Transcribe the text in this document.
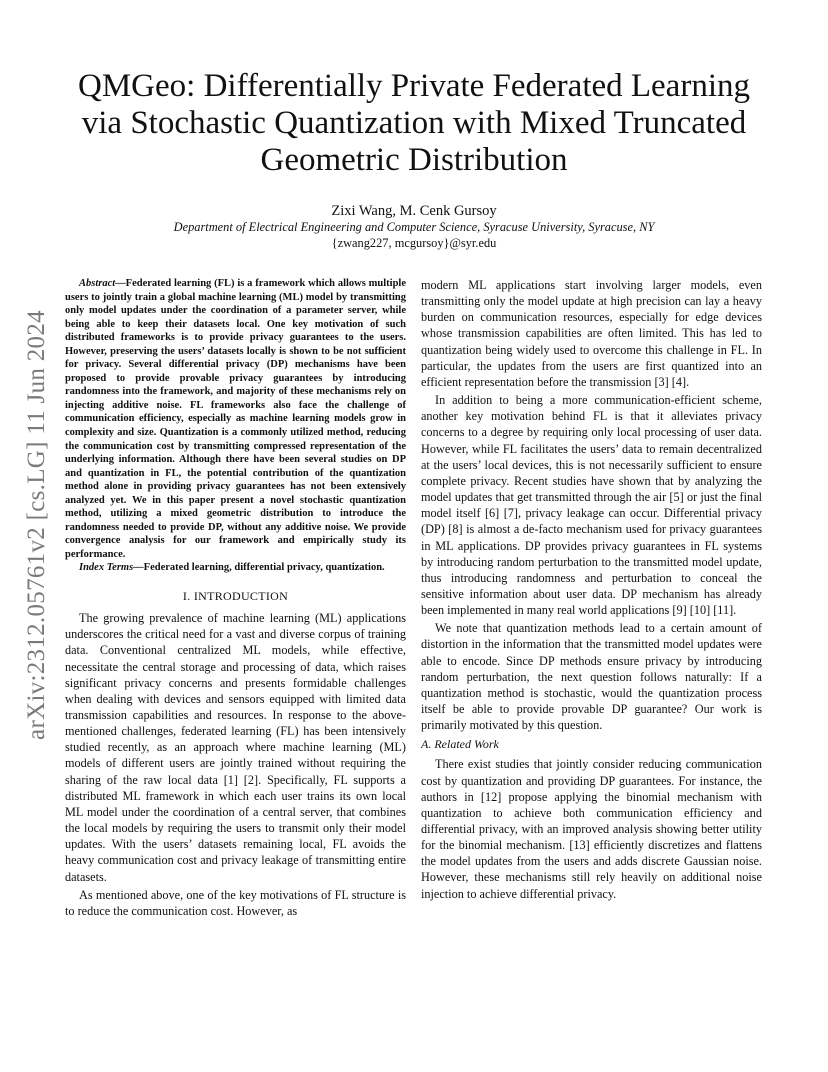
arXiv:2312.05761v2 [cs.LG] 11 Jun 2024
QMGeo: Differentially Private Federated Learning via Stochastic Quantization with Mixed Truncated Geometric Distribution
Zixi Wang, M. Cenk Gursoy
Department of Electrical Engineering and Computer Science, Syracuse University, Syracuse, NY
{zwang227, mcgursoy}@syr.edu

Abstract—Federated learning (FL) is a framework which allows multiple users to jointly train a global machine learning (ML) model by transmitting only model updates under the coordination of a parameter server, while being able to keep their datasets local. One key motivation of such distributed frameworks is to provide privacy guarantees to the users. However, preserving the users’ datasets locally is shown to be not sufficient for privacy. Several differential privacy (DP) mechanisms have been proposed to provide provable privacy guarantees by introducing randomness into the framework, and majority of these mechanisms rely on injecting additive noise. FL frameworks also face the challenge of communication efficiency, especially as machine learning models grow in complexity and size. Quantization is a commonly utilized method, reducing the communication cost by transmitting compressed representation of the underlying information. Although there have been several studies on DP and quantization in FL, the potential contribution of the quantization method alone in providing privacy guarantees has not been extensively analyzed yet. We in this paper present a novel stochastic quantization method, utilizing a mixed geometric distribution to introduce the randomness needed to provide DP, without any additive noise. We provide convergence analysis for our framework and empirically study its performance.

Index Terms—Federated learning, differential privacy, quantization.

I. INTRODUCTION

The growing prevalence of machine learning (ML) applications underscores the critical need for a vast and diverse corpus of training data. Conventional centralized ML models, while effective, necessitate the central storage and processing of data, which raises significant privacy concerns and presents formidable challenges when dealing with devices and sensors equipped with limited data transmission capabilities and resources. In response to the above-mentioned challenges, federated learning (FL) has been intensively studied recently, as an approach where machine learning (ML) models of different users are jointly trained without requiring the sharing of the raw local data [1] [2]. Specifically, FL supports a distributed ML framework in which each user trains its own local ML model under the coordination of a central server, that combines the local models by requiring the users to transmit only their model updates. With the users’ datasets remaining local, FL avoids the heavy communication cost and privacy leakage of transmitting entire datasets.

As mentioned above, one of the key motivations of FL structure is to reduce the communication cost. However, as

modern ML applications start involving larger models, even transmitting only the model update at high precision can lay a heavy burden on communication resources, especially for edge devices whose transmission capabilities are often limited. This has led to quantization being widely used to overcome this challenge in FL. In particular, the updates from the users are first quantized into an efficient representation before the transmission [3] [4].

In addition to being a more communication-efficient scheme, another key motivation behind FL is that it alleviates privacy concerns to a degree by requiring only local processing of user data. However, while FL facilitates the users’ data to remain decentralized at the users’ local devices, this is not necessarily sufficient to ensure complete privacy. Recent studies have shown that by analyzing the model updates that get transmitted through the air [5] or just the final model itself [6] [7], privacy leakage can occur. Differential privacy (DP) [8] is almost a de-facto mechanism used for privacy guarantees in ML applications. DP provides privacy guarantees in FL systems by introducing random perturbation to the transmitted model update, thus introducing randomness and perturbation to conceal the sensitive information about user data. DP mechanism has already been implemented in many real world applications [9] [10] [11].

We note that quantization methods lead to a certain amount of distortion in the information that the transmitted model updates were able to encode. Since DP methods ensure privacy by introducing random perturbation, the next question follows naturally: If a quantization method is stochastic, would the quantization process itself be able to provide provable DP guarantee? Our work is primarily motivated by this question.

A. Related Work

There exist studies that jointly consider reducing communication cost by quantization and providing DP guarantees. For instance, the authors in [12] propose applying the binomial mechanism with quantization to achieve both communication efficiency and differential privacy, with an improved analysis showing better utility for the binomial mechanism. [13] efficiently discretizes and flattens the model updates from the users and adds discrete Gaussian noise. However, these mechanisms still rely heavily on additional noise injection to achieve differential privacy.
